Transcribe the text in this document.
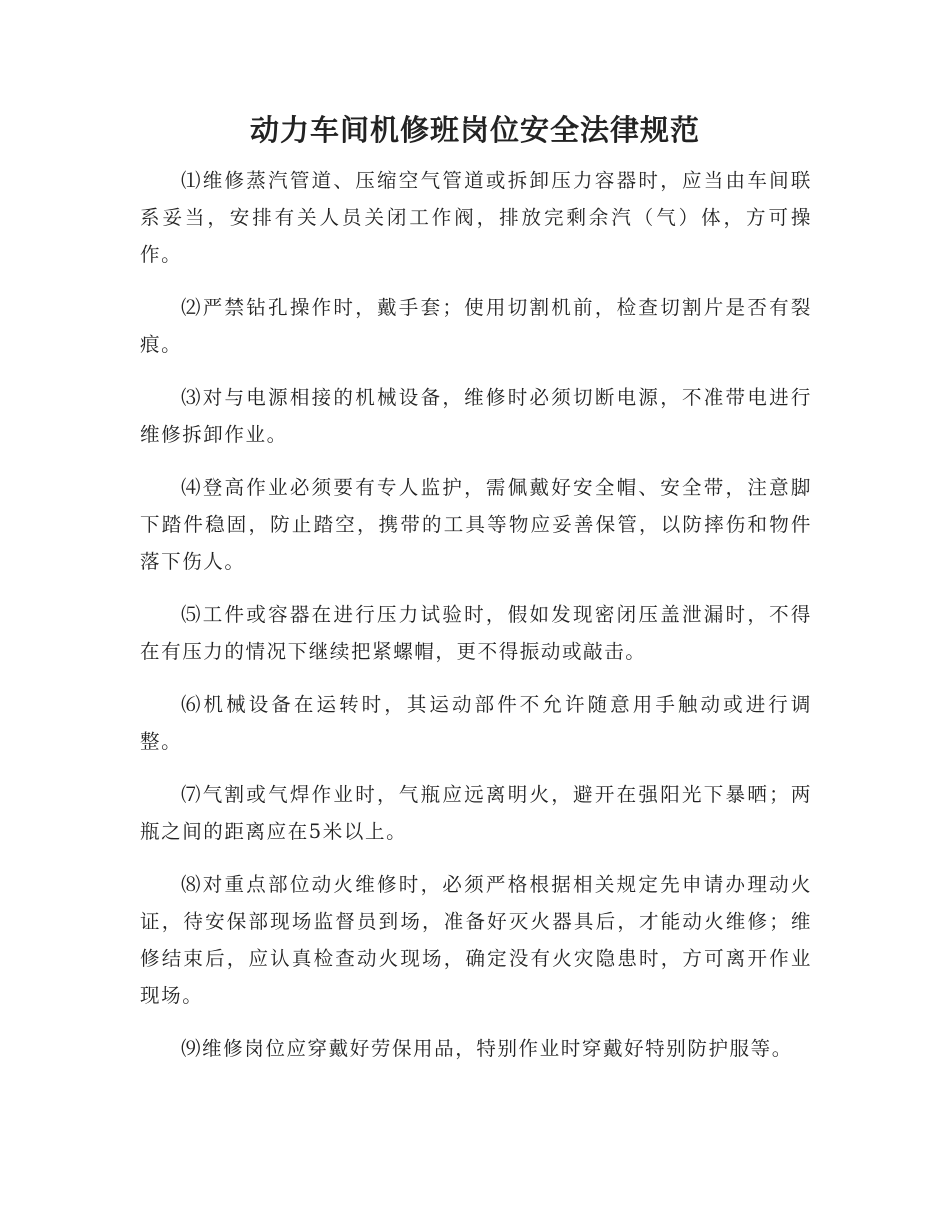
动力车间机修班岗位安全法律规范

⑴维修蒸汽管道、压缩空气管道或拆卸压力容器时，应当由车间联系妥当，安排有关人员关闭工作阀，排放完剩余汽（气）体，方可操作。

⑵严禁钻孔操作时，戴手套；使用切割机前，检查切割片是否有裂痕。

⑶对与电源相接的机械设备，维修时必须切断电源，不准带电进行维修拆卸作业。

⑷登高作业必须要有专人监护，需佩戴好安全帽、安全带，注意脚下踏件稳固，防止踏空，携带的工具等物应妥善保管，以防摔伤和物件落下伤人。

⑸工件或容器在进行压力试验时，假如发现密闭压盖泄漏时，不得在有压力的情况下继续把紧螺帽，更不得振动或敲击。

⑹机械设备在运转时，其运动部件不允许随意用手触动或进行调整。

⑺气割或气焊作业时，气瓶应远离明火，避开在强阳光下暴晒；两瓶之间的距离应在5米以上。

⑻对重点部位动火维修时，必须严格根据相关规定先申请办理动火证，待安保部现场监督员到场，准备好灭火器具后，才能动火维修；维修结束后，应认真检查动火现场，确定没有火灾隐患时，方可离开作业现场。

⑼维修岗位应穿戴好劳保用品，特别作业时穿戴好特别防护服等。
